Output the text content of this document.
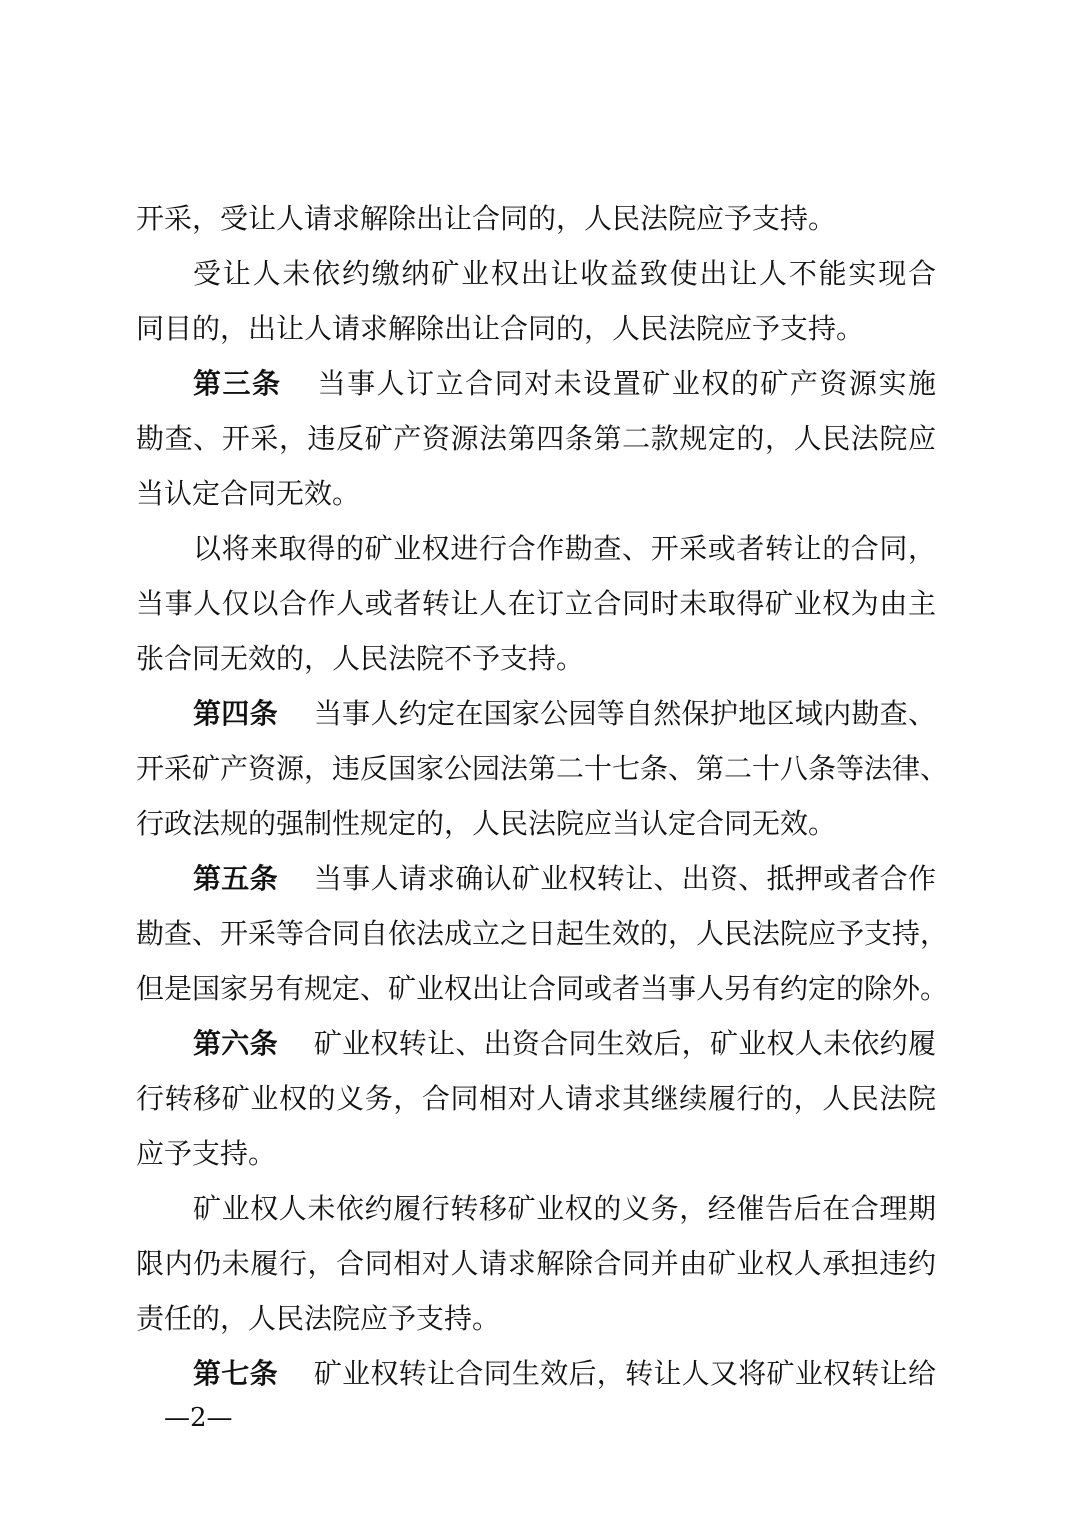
开采，受让人请求解除出让合同的，人民法院应予支持。
受让人未依约缴纳矿业权出让收益致使出让人不能实现合
同目的，出让人请求解除出让合同的，人民法院应予支持。
第三条 当事人订立合同对未设置矿业权的矿产资源实施
勘查、开采，违反矿产资源法第四条第二款规定的，人民法院应
当认定合同无效。
以将来取得的矿业权进行合作勘查、开采或者转让的合同，
当事人仅以合作人或者转让人在订立合同时未取得矿业权为由主
张合同无效的，人民法院不予支持。
第四条 当事人约定在国家公园等自然保护地区域内勘查、
开采矿产资源，违反国家公园法第二十七条、第二十八条等法律、
行政法规的强制性规定的，人民法院应当认定合同无效。
第五条 当事人请求确认矿业权转让、出资、抵押或者合作
勘查、开采等合同自依法成立之日起生效的，人民法院应予支持，
但是国家另有规定、矿业权出让合同或者当事人另有约定的除外。
第六条 矿业权转让、出资合同生效后，矿业权人未依约履
行转移矿业权的义务，合同相对人请求其继续履行的，人民法院
应予支持。
矿业权人未依约履行转移矿业权的义务，经催告后在合理期
限内仍未履行，合同相对人请求解除合同并由矿业权人承担违约
责任的，人民法院应予支持。
第七条 矿业权转让合同生效后，转让人又将矿业权转让给
—2—
